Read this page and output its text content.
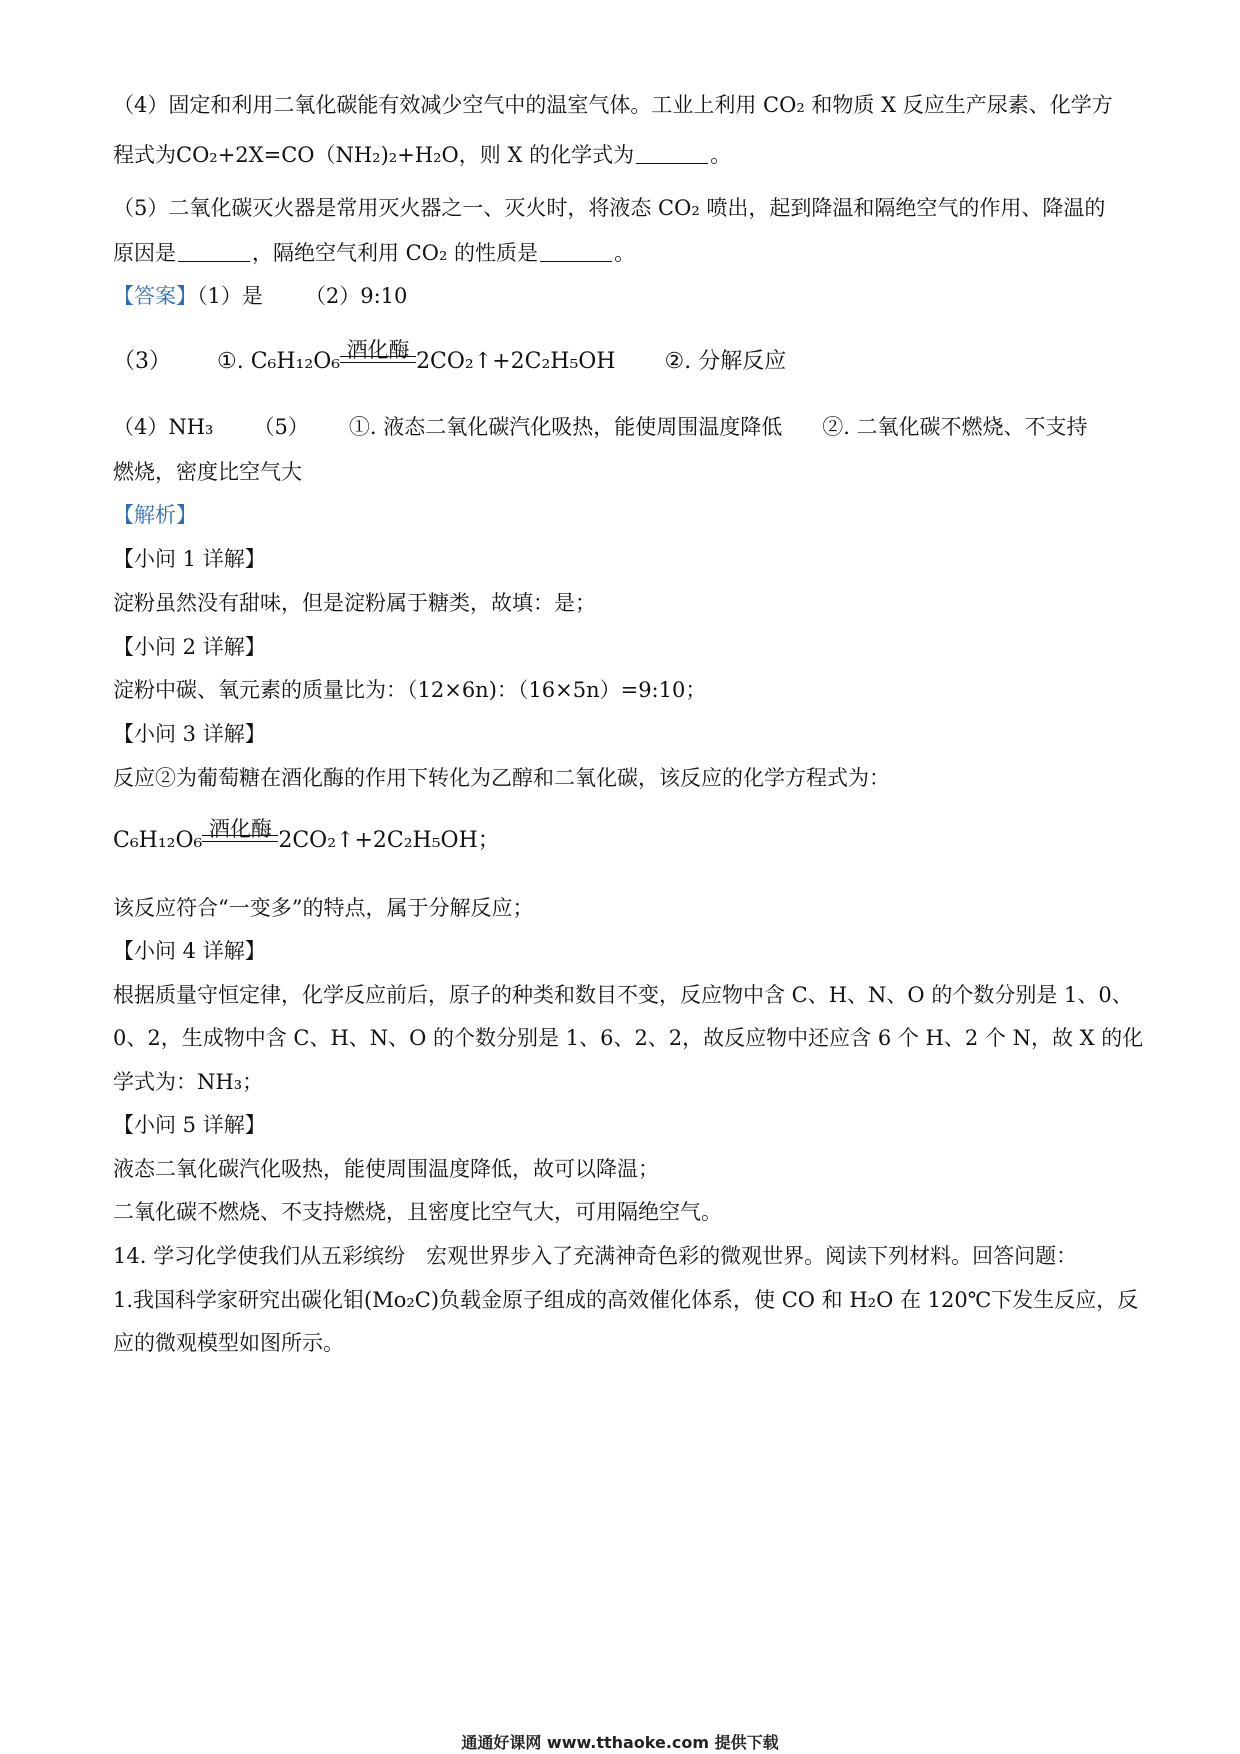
（4）固定和利用二氧化碳能有效减少空气中的温室气体。工业上利用 CO₂ 和物质 X 反应生产尿素、化学方
程式为CO₂+2X=CO（NH₂)₂+H₂O，则 X 的化学式为	。
（5）二氧化碳灭火器是常用灭火器之一、灭火时，将液态 CO₂ 喷出，起到降温和隔绝空气的作用、降温的
原因是	，隔绝空气利用 CO₂ 的性质是	。
【答案】（1）是 （2）9:10
（3） ①. C₆H₁₂O₆ 酒化酶 2CO₂↑+2C₂H₅OH ②. 分解反应
（4）NH₃ （5） ①. 液态二氧化碳汽化吸热，能使周围温度降低 ②. 二氧化碳不燃烧、不支持
燃烧，密度比空气大
【解析】
【小问 1 详解】
淀粉虽然没有甜味，但是淀粉属于糖类，故填：是；
【小问 2 详解】
淀粉中碳、氧元素的质量比为：（12×6n)：（16×5n）=9:10；
【小问 3 详解】
反应②为葡萄糖在酒化酶的作用下转化为乙醇和二氧化碳，该反应的化学方程式为：
C₆H₁₂O₆ 酒化酶 2CO₂↑+2C₂H₅OH；
该反应符合“一变多”的特点，属于分解反应；
【小问 4 详解】
根据质量守恒定律，化学反应前后，原子的种类和数目不变，反应物中含 C、H、N、O 的个数分别是 1、0、
0、2，生成物中含 C、H、N、O 的个数分别是 1、6、2、2，故反应物中还应含 6 个 H、2 个 N，故 X 的化
学式为：NH₃；
【小问 5 详解】
液态二氧化碳汽化吸热，能使周围温度降低，故可以降温；
二氧化碳不燃烧、不支持燃烧，且密度比空气大，可用隔绝空气。
14. 学习化学使我们从五彩缤纷　宏观世界步入了充满神奇色彩的微观世界。阅读下列材料。回答问题：
1.我国科学家研究出碳化钼(Mo₂C)负载金原子组成的高效催化体系，使 CO 和 H₂O 在 120℃下发生反应，反
应的微观模型如图所示。
通通好课网 www.tthaoke.com 提供下载
